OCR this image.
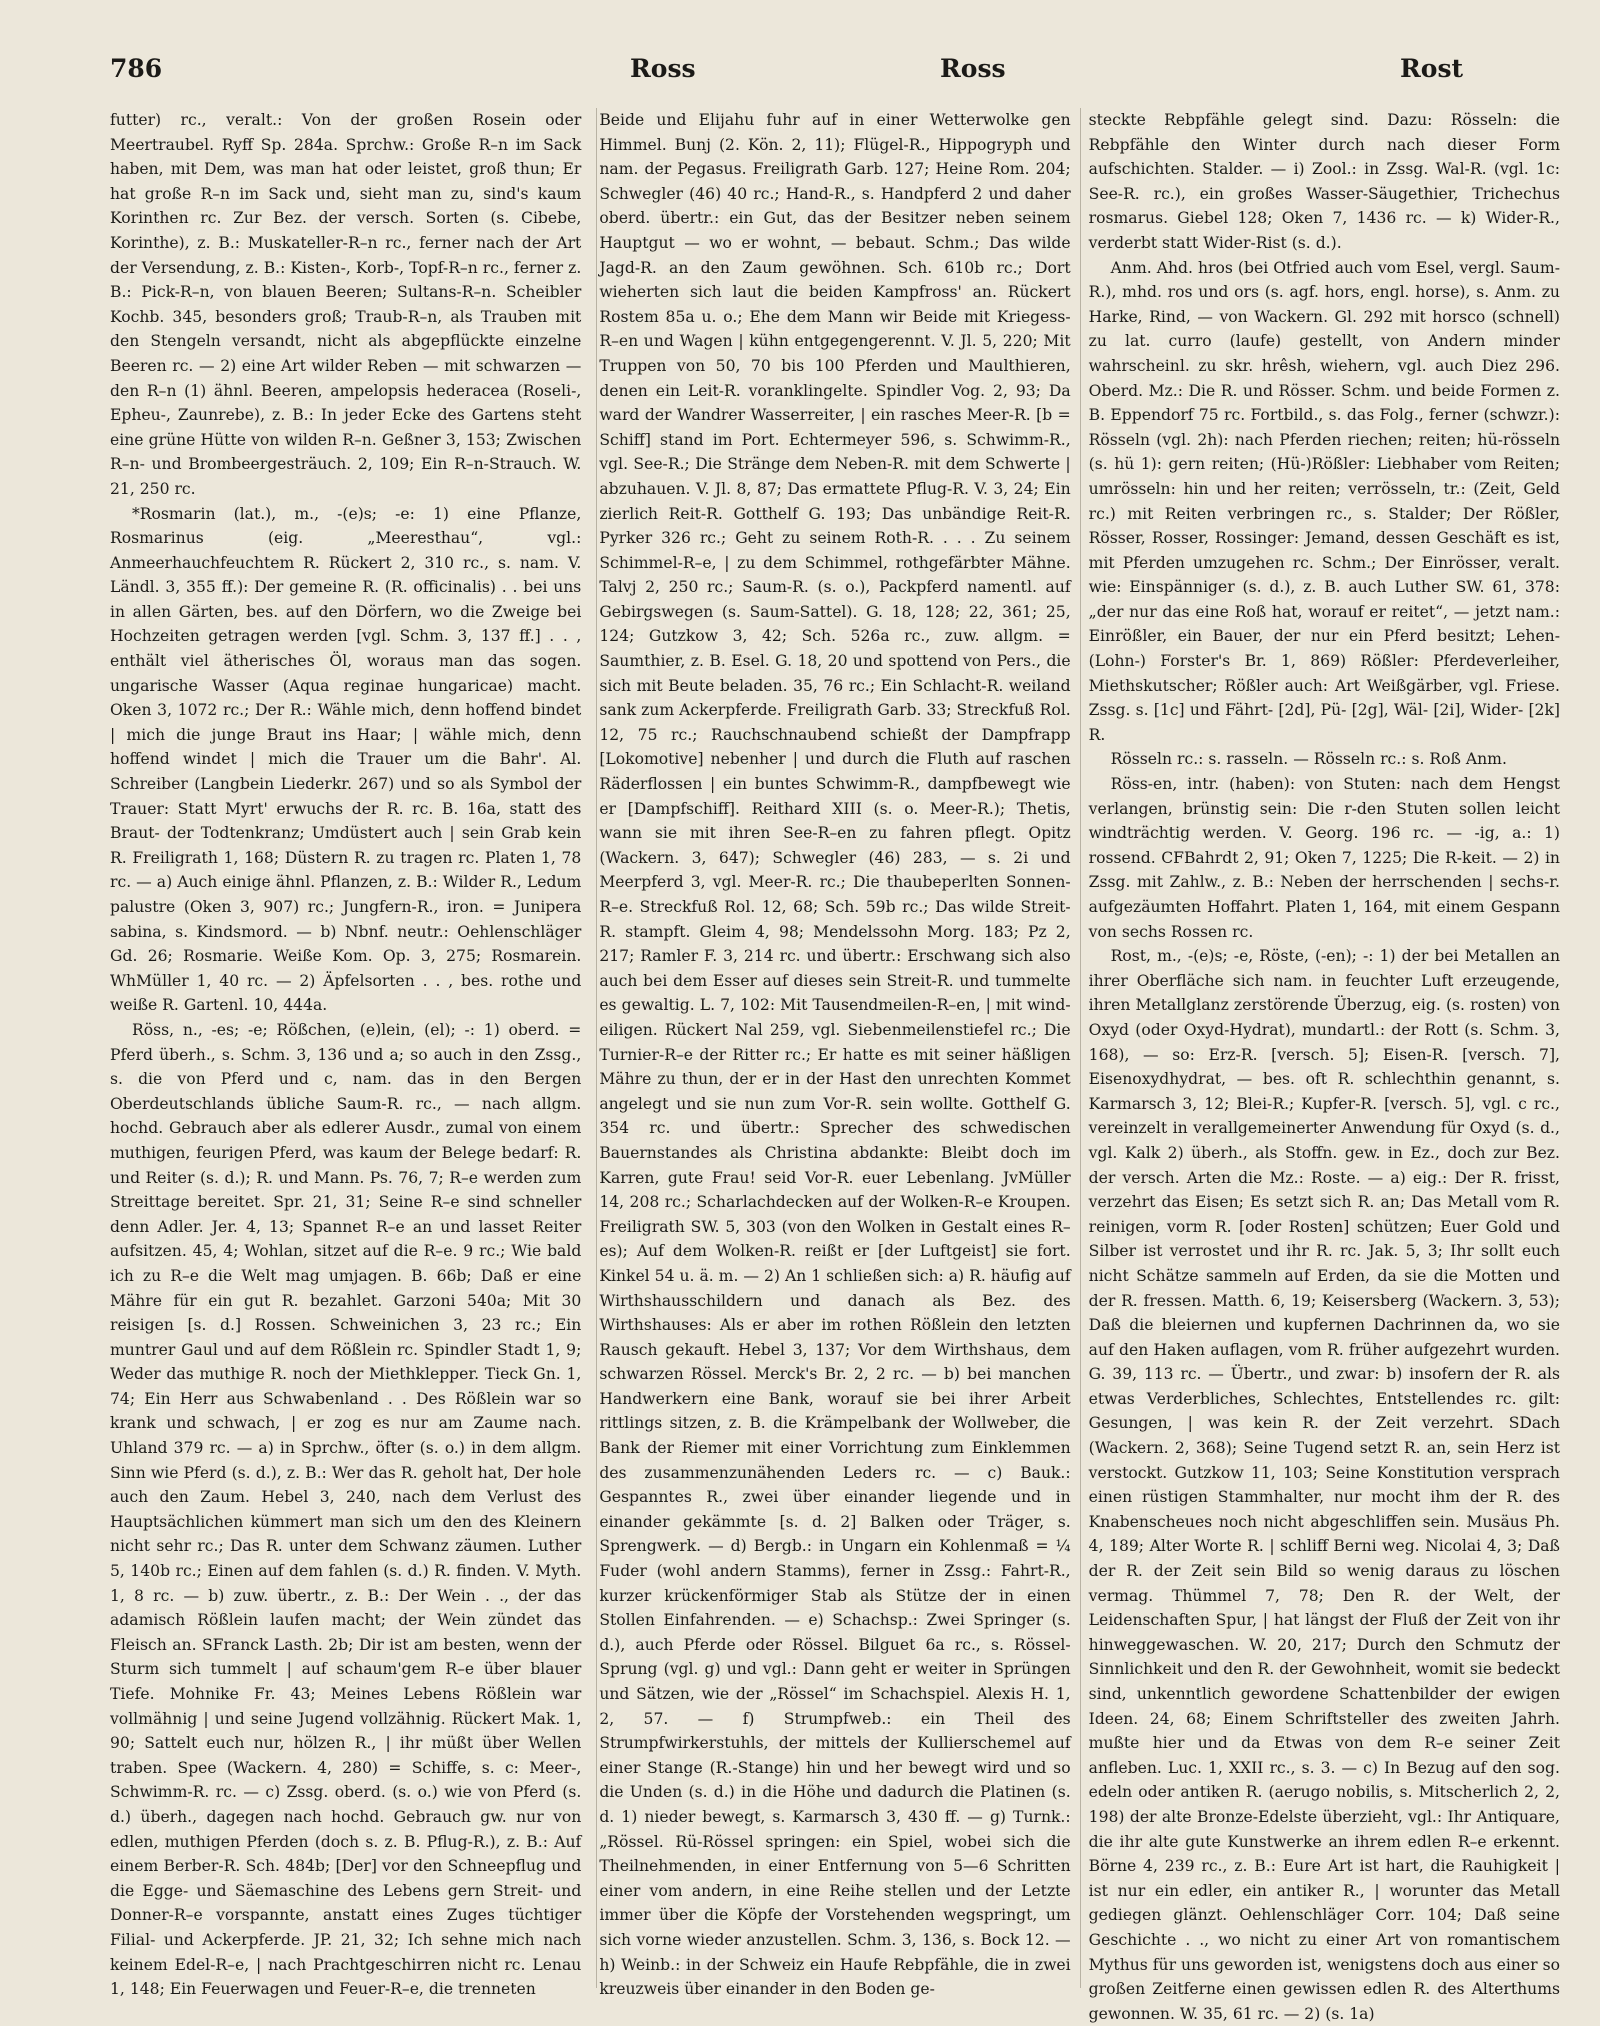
786	Ross	Ross	Rost

futter) rc., veralt.: Von der großen Rosein oder Meertraubel. Ryff Sp. 284a. Sprchw.: Große R–n im Sack haben, mit Dem, was man hat oder leistet, groß thun; Er hat große R–n im Sack und, sieht man zu, sind's kaum Korinthen rc. Zur Bez. der versch. Sorten (s. Cibebe, Korinthe), z. B.: Muskateller-R–n rc., ferner nach der Art der Versendung, z. B.: Kisten-, Korb-, Topf-R–n rc., ferner z. B.: Pick-R–n, von blauen Beeren; Sultans-R–n. Scheibler Kochb. 345, besonders groß; Traub-R–n, als Trauben mit den Stengeln versandt, nicht als abgepflückte einzelne Beeren rc. — 2) eine Art wilder Reben — mit schwarzen — den R–n (1) ähnl. Beeren, ampelopsis hederacea (Roseli-, Epheu-, Zaunrebe), z. B.: In jeder Ecke des Gartens steht eine grüne Hütte von wilden R–n. Geßner 3, 153; Zwischen R–n- und Brombeergesträuch. 2, 109; Ein R–n-Strauch. W. 21, 250 rc.

*Rosmarin (lat.), m., -(e)s; -e: 1) eine Pflanze, Rosmarinus (eig. „Meeresthau“, vgl.: Anmeerhauchfeuchtem R. Rückert 2, 310 rc., s. nam. V. Ländl. 3, 355 ff.): Der gemeine R. (R. officinalis) . . bei uns in allen Gärten, bes. auf den Dörfern, wo die Zweige bei Hochzeiten getragen werden [vgl. Schm. 3, 137 ff.] . . , enthält viel ätherisches Öl, woraus man das sogen. ungarische Wasser (Aqua reginae hungaricae) macht. Oken 3, 1072 rc.; Der R.: Wähle mich, denn hoffend bindet | mich die junge Braut ins Haar; | wähle mich, denn hoffend windet | mich die Trauer um die Bahr'. Al. Schreiber (Langbein Liederkr. 267) und so als Symbol der Trauer: Statt Myrt' erwuchs der R. rc. B. 16a, statt des Braut- der Todtenkranz; Umdüstert auch | sein Grab kein R. Freiligrath 1, 168; Düstern R. zu tragen rc. Platen 1, 78 rc. — a) Auch einige ähnl. Pflanzen, z. B.: Wilder R., Ledum palustre (Oken 3, 907) rc.; Jungfern-R., iron. = Junipera sabina, s. Kindsmord. — b) Nbnf. neutr.: Oehlenschläger Gd. 26; Rosmarie. Weiße Kom. Op. 3, 275; Rosmarein. WhMüller 1, 40 rc. — 2) Äpfelsorten . . , bes. rothe und weiße R. Gartenl. 10, 444a.

Röss, n., -es; -e; Rößchen, (e)lein, (el); -: 1) oberd. = Pferd überh., s. Schm. 3, 136 und a; so auch in den Zssg., s. die von Pferd und c, nam. das in den Bergen Oberdeutschlands übliche Saum-R. rc., — nach allgm. hochd. Gebrauch aber als edlerer Ausdr., zumal von einem muthigen, feurigen Pferd, was kaum der Belege bedarf: R. und Reiter (s. d.); R. und Mann. Ps. 76, 7; R–e werden zum Streittage bereitet. Spr. 21, 31; Seine R–e sind schneller denn Adler. Jer. 4, 13; Spannet R–e an und lasset Reiter aufsitzen. 45, 4; Wohlan, sitzet auf die R–e. 9 rc.; Wie bald ich zu R–e die Welt mag umjagen. B. 66b; Daß er eine Mähre für ein gut R. bezahlet. Garzoni 540a; Mit 30 reisigen [s. d.] Rossen. Schweinichen 3, 23 rc.; Ein muntrer Gaul und auf dem Rößlein rc. Spindler Stadt 1, 9; Weder das muthige R. noch der Miethklepper. Tieck Gn. 1, 74; Ein Herr aus Schwabenland . . Des Rößlein war so krank und schwach, | er zog es nur am Zaume nach. Uhland 379 rc. — a) in Sprchw., öfter (s. o.) in dem allgm. Sinn wie Pferd (s. d.), z. B.: Wer das R. geholt hat, Der hole auch den Zaum. Hebel 3, 240, nach dem Verlust des Hauptsächlichen kümmert man sich um den des Kleinern nicht sehr rc.; Das R. unter dem Schwanz zäumen. Luther 5, 140b rc.; Einen auf dem fahlen (s. d.) R. finden. V. Myth. 1, 8 rc. — b) zuw. übertr., z. B.: Der Wein . ., der das adamisch Rößlein laufen macht; der Wein zündet das Fleisch an. SFranck Lasth. 2b; Dir ist am besten, wenn der Sturm sich tummelt | auf schaum'gem R–e über blauer Tiefe. Mohnike Fr. 43; Meines Lebens Rößlein war vollmähnig | und seine Jugend vollzähnig. Rückert Mak. 1, 90; Sattelt euch nur, hölzen R., | ihr müßt über Wellen traben. Spee (Wackern. 4, 280) = Schiffe, s. c: Meer-, Schwimm-R. rc. — c) Zssg. oberd. (s. o.) wie von Pferd (s. d.) überh., dagegen nach hochd. Gebrauch gw. nur von edlen, muthigen Pferden (doch s. z. B. Pflug-R.), z. B.: Auf einem Berber-R. Sch. 484b; [Der] vor den Schneepflug und die Egge- und Säemaschine des Lebens gern Streit- und Donner-R–e vorspannte, anstatt eines Zuges tüchtiger Filial- und Ackerpferde. JP. 21, 32; Ich sehne mich nach keinem Edel-R–e, | nach Prachtgeschirren nicht rc. Lenau 1, 148; Ein Feuerwagen und Feuer-R–e, die trenneten

Beide und Elijahu fuhr auf in einer Wetterwolke gen Himmel. Bunj (2. Kön. 2, 11); Flügel-R., Hippogryph und nam. der Pegasus. Freiligrath Garb. 127; Heine Rom. 204; Schwegler (46) 40 rc.; Hand-R., s. Handpferd 2 und daher oberd. übertr.: ein Gut, das der Besitzer neben seinem Hauptgut — wo er wohnt, — bebaut. Schm.; Das wilde Jagd-R. an den Zaum gewöhnen. Sch. 610b rc.; Dort wieherten sich laut die beiden Kampfross' an. Rückert Rostem 85a u. o.; Ehe dem Mann wir Beide mit Kriegess-R–en und Wagen | kühn entgegengerennt. V. Jl. 5, 220; Mit Truppen von 50, 70 bis 100 Pferden und Maulthieren, denen ein Leit-R. voranklingelte. Spindler Vog. 2, 93; Da ward der Wandrer Wasserreiter, | ein rasches Meer-R. [b = Schiff] stand im Port. Echtermeyer 596, s. Schwimm-R., vgl. See-R.; Die Stränge dem Neben-R. mit dem Schwerte | abzuhauen. V. Jl. 8, 87; Das ermattete Pflug-R. V. 3, 24; Ein zierlich Reit-R. Gotthelf G. 193; Das unbändige Reit-R. Pyrker 326 rc.; Geht zu seinem Roth-R. . . . Zu seinem Schimmel-R–e, | zu dem Schimmel, rothgefärbter Mähne. Talvj 2, 250 rc.; Saum-R. (s. o.), Packpferd namentl. auf Gebirgswegen (s. Saum-Sattel). G. 18, 128; 22, 361; 25, 124; Gutzkow 3, 42; Sch. 526a rc., zuw. allgm. = Saumthier, z. B. Esel. G. 18, 20 und spottend von Pers., die sich mit Beute beladen. 35, 76 rc.; Ein Schlacht-R. weiland sank zum Ackerpferde. Freiligrath Garb. 33; Streckfuß Rol. 12, 75 rc.; Rauchschnaubend schießt der Dampfrapp [Lokomotive] nebenher | und durch die Fluth auf raschen Räderflossen | ein buntes Schwimm-R., dampfbewegt wie er [Dampfschiff]. Reithard XIII (s. o. Meer-R.); Thetis, wann sie mit ihren See-R–en zu fahren pflegt. Opitz (Wackern. 3, 647); Schwegler (46) 283, — s. 2i und Meerpferd 3, vgl. Meer-R. rc.; Die thaubeperlten Sonnen-R–e. Streckfuß Rol. 12, 68; Sch. 59b rc.; Das wilde Streit-R. stampft. Gleim 4, 98; Mendelssohn Morg. 183; Pz 2, 217; Ramler F. 3, 214 rc. und übertr.: Erschwang sich also auch bei dem Esser auf dieses sein Streit-R. und tummelte es gewaltig. L. 7, 102: Mit Tausendmeilen-R–en, | mit wind-eiligen. Rückert Nal 259, vgl. Siebenmeilenstiefel rc.; Die Turnier-R–e der Ritter rc.; Er hatte es mit seiner häßligen Mähre zu thun, der er in der Hast den unrechten Kommet angelegt und sie nun zum Vor-R. sein wollte. Gotthelf G. 354 rc. und übertr.: Sprecher des schwedischen Bauernstandes als Christina abdankte: Bleibt doch im Karren, gute Frau! seid Vor-R. euer Lebenlang. JvMüller 14, 208 rc.; Scharlachdecken auf der Wolken-R–e Kroupen. Freiligrath SW. 5, 303 (von den Wolken in Gestalt eines R–es); Auf dem Wolken-R. reißt er [der Luftgeist] sie fort. Kinkel 54 u. ä. m. — 2) An 1 schließen sich: a) R. häufig auf Wirthshausschildern und danach als Bez. des Wirthshauses: Als er aber im rothen Rößlein den letzten Rausch gekauft. Hebel 3, 137; Vor dem Wirthshaus, dem schwarzen Rössel. Merck's Br. 2, 2 rc. — b) bei manchen Handwerkern eine Bank, worauf sie bei ihrer Arbeit rittlings sitzen, z. B. die Krämpelbank der Wollweber, die Bank der Riemer mit einer Vorrichtung zum Einklemmen des zusammenzunähenden Leders rc. — c) Bauk.: Gespanntes R., zwei über einander liegende und in einander gekämmte [s. d. 2] Balken oder Träger, s. Sprengwerk. — d) Bergb.: in Ungarn ein Kohlenmaß = ¼ Fuder (wohl andern Stamms), ferner in Zssg.: Fahrt-R., kurzer krückenförmiger Stab als Stütze der in einen Stollen Einfahrenden. — e) Schachsp.: Zwei Springer (s. d.), auch Pferde oder Rössel. Bilguet 6a rc., s. Rössel-Sprung (vgl. g) und vgl.: Dann geht er weiter in Sprüngen und Sätzen, wie der „Rössel“ im Schachspiel. Alexis H. 1, 2, 57. — f) Strumpfweb.: ein Theil des Strumpfwirkerstuhls, der mittels der Kullierschemel auf einer Stange (R.-Stange) hin und her bewegt wird und so die Unden (s. d.) in die Höhe und dadurch die Platinen (s. d. 1) nieder bewegt, s. Karmarsch 3, 430 ff. — g) Turnk.: „Rössel. Rü-Rössel springen: ein Spiel, wobei sich die Theilnehmenden, in einer Entfernung von 5—6 Schritten einer vom andern, in eine Reihe stellen und der Letzte immer über die Köpfe der Vorstehenden wegspringt, um sich vorne wieder anzustellen. Schm. 3, 136, s. Bock 12. — h) Weinb.: in der Schweiz ein Haufe Rebpfähle, die in zwei kreuzweis über einander in den Boden ge-

steckte Rebpfähle gelegt sind. Dazu: Rösseln: die Rebpfähle den Winter durch nach dieser Form aufschichten. Stalder. — i) Zool.: in Zssg. Wal-R. (vgl. 1c: See-R. rc.), ein großes Wasser-Säugethier, Trichechus rosmarus. Giebel 128; Oken 7, 1436 rc. — k) Wider-R., verderbt statt Wider-Rist (s. d.).

Anm. Ahd. hros (bei Otfried auch vom Esel, vergl. Saum-R.), mhd. ros und ors (s. agf. hors, engl. horse), s. Anm. zu Harke, Rind, — von Wackern. Gl. 292 mit horsco (schnell) zu lat. curro (laufe) gestellt, von Andern minder wahrscheinl. zu skr. hrêsh, wiehern, vgl. auch Diez 296. Oberd. Mz.: Die R. und Rösser. Schm. und beide Formen z. B. Eppendorf 75 rc. Fortbild., s. das Folg., ferner (schwzr.): Rösseln (vgl. 2h): nach Pferden riechen; reiten; hü-rösseln (s. hü 1): gern reiten; (Hü-)Rößler: Liebhaber vom Reiten; umrösseln: hin und her reiten; verrösseln, tr.: (Zeit, Geld rc.) mit Reiten verbringen rc., s. Stalder; Der Rößler, Rösser, Rosser, Rossinger: Jemand, dessen Geschäft es ist, mit Pferden umzugehen rc. Schm.; Der Einrösser, veralt. wie: Einspänniger (s. d.), z. B. auch Luther SW. 61, 378: „der nur das eine Roß hat, worauf er reitet“, — jetzt nam.: Einrößler, ein Bauer, der nur ein Pferd besitzt; Lehen-(Lohn-) Forster's Br. 1, 869) Rößler: Pferdeverleiher, Miethskutscher; Rößler auch: Art Weißgärber, vgl. Friese. Zssg. s. [1c] und Fährt- [2d], Pü- [2g], Wäl- [2i], Wider- [2k] R.

Rösseln rc.: s. rasseln. — Rösseln rc.: s. Roß Anm.

Röss-en, intr. (haben): von Stuten: nach dem Hengst verlangen, brünstig sein: Die r-den Stuten sollen leicht windträchtig werden. V. Georg. 196 rc. — -ig, a.: 1) rossend. CFBahrdt 2, 91; Oken 7, 1225; Die R-keit. — 2) in Zssg. mit Zahlw., z. B.: Neben der herrschenden | sechs-r. aufgezäumten Hoffahrt. Platen 1, 164, mit einem Gespann von sechs Rossen rc.

Rost, m., -(e)s; -e, Röste, (-en); -: 1) der bei Metallen an ihrer Oberfläche sich nam. in feuchter Luft erzeugende, ihren Metallglanz zerstörende Überzug, eig. (s. rosten) von Oxyd (oder Oxyd-Hydrat), mundartl.: der Rott (s. Schm. 3, 168), — so: Erz-R. [versch. 5]; Eisen-R. [versch. 7], Eisenoxydhydrat, — bes. oft R. schlechthin genannt, s. Karmarsch 3, 12; Blei-R.; Kupfer-R. [versch. 5], vgl. c rc., vereinzelt in verallgemeinerter Anwendung für Oxyd (s. d., vgl. Kalk 2) überh., als Stoffn. gew. in Ez., doch zur Bez. der versch. Arten die Mz.: Roste. — a) eig.: Der R. frisst, verzehrt das Eisen; Es setzt sich R. an; Das Metall vom R. reinigen, vorm R. [oder Rosten] schützen; Euer Gold und Silber ist verrostet und ihr R. rc. Jak. 5, 3; Ihr sollt euch nicht Schätze sammeln auf Erden, da sie die Motten und der R. fressen. Matth. 6, 19; Keisersberg (Wackern. 3, 53); Daß die bleiernen und kupfernen Dachrinnen da, wo sie auf den Haken auflagen, vom R. früher aufgezehrt wurden. G. 39, 113 rc. — Übertr., und zwar: b) insofern der R. als etwas Verderbliches, Schlechtes, Entstellendes rc. gilt: Gesungen, | was kein R. der Zeit verzehrt. SDach (Wackern. 2, 368); Seine Tugend setzt R. an, sein Herz ist verstockt. Gutzkow 11, 103; Seine Konstitution versprach einen rüstigen Stammhalter, nur mocht ihm der R. des Knabenscheues noch nicht abgeschliffen sein. Musäus Ph. 4, 189; Alter Worte R. | schliff Berni weg. Nicolai 4, 3; Daß der R. der Zeit sein Bild so wenig daraus zu löschen vermag. Thümmel 7, 78; Den R. der Welt, der Leidenschaften Spur, | hat längst der Fluß der Zeit von ihr hinweggewaschen. W. 20, 217; Durch den Schmutz der Sinnlichkeit und den R. der Gewohnheit, womit sie bedeckt sind, unkenntlich gewordene Schattenbilder der ewigen Ideen. 24, 68; Einem Schriftsteller des zweiten Jahrh. mußte hier und da Etwas von dem R–e seiner Zeit anfleben. Luc. 1, XXII rc., s. 3. — c) In Bezug auf den sog. edeln oder antiken R. (aerugo nobilis, s. Mitscherlich 2, 2, 198) der alte Bronze-Edelste überzieht, vgl.: Ihr Antiquare, die ihr alte gute Kunstwerke an ihrem edlen R–e erkennt. Börne 4, 239 rc., z. B.: Eure Art ist hart, die Rauhigkeit | ist nur ein edler, ein antiker R., | worunter das Metall gediegen glänzt. Oehlenschläger Corr. 104; Daß seine Geschichte . ., wo nicht zu einer Art von romantischem Mythus für uns geworden ist, wenigstens doch aus einer so großen Zeitferne einen gewissen edlen R. des Alterthums gewonnen. W. 35, 61 rc. — 2) (s. 1a)
